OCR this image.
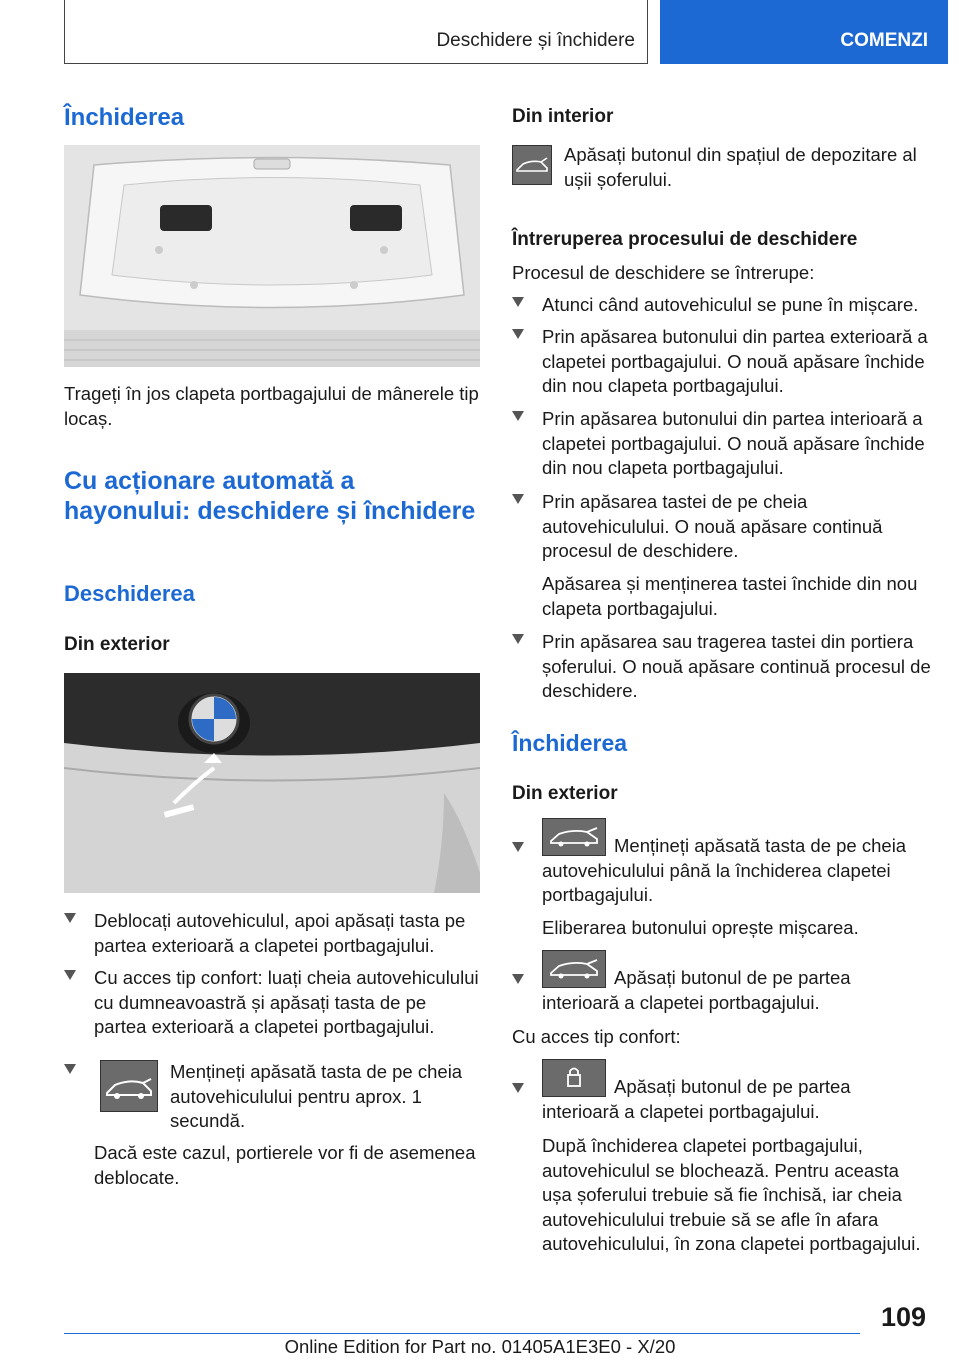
Deschidere și închidere	COMENZI
Închiderea

Trageți în jos clapeta portbagajului de mânerele tip locaș.

Cu acționare automată a hayonului: deschidere și închidere
Deschiderea
Din exterior
Deblocați autovehiculul, apoi apăsați tasta pe partea exterioară a clapetei portbagajului.
Cu acces tip confort: luați cheia autovehiculului cu dumneavoastră și apăsați tasta de pe partea exterioară a clapetei portbagajului.
Mențineți apăsată tasta de pe cheia autovehiculului pentru aprox. 1 secundă.

Dacă este cazul, portierele vor fi de asemenea deblocate.

Din interior

Apăsați butonul din spațiul de depozitare al ușii șoferului.

Întreruperea procesului de deschidere

Procesul de deschidere se întrerupe:

Atunci când autovehiculul se pune în mișcare.
Prin apăsarea butonului din partea exterioară a clapetei portbagajului. O nouă apăsare închide din nou clapeta portbagajului.
Prin apăsarea butonului din partea interioară a clapetei portbagajului. O nouă apăsare închide din nou clapeta portbagajului.
Prin apăsarea tastei de pe cheia autovehiculului. O nouă apăsare continuă procesul de deschidere.

Apăsarea și menținerea tastei închide din nou clapeta portbagajului.

Prin apăsarea sau tragerea tastei din portiera șoferului. O nouă apăsare continuă procesul de deschidere.
Închiderea
Din exterior
Mențineți apăsată tasta de pe cheia autovehiculului până la închiderea clapetei portbagajului.

Eliberarea butonului oprește mișcarea.

Apăsați butonul de pe partea interioară a clapetei portbagajului.

Cu acces tip confort:

Apăsați butonul de pe partea interioară a clapetei portbagajului.

După închiderea clapetei portbagajului, autovehiculul se blochează. Pentru aceasta ușa șoferului trebuie să fie închisă, iar cheia autovehiculului trebuie să se afle în afara autovehiculului, în zona clapetei portbagajului.

109
Online Edition for Part no. 01405A1E3E0 - X/20
